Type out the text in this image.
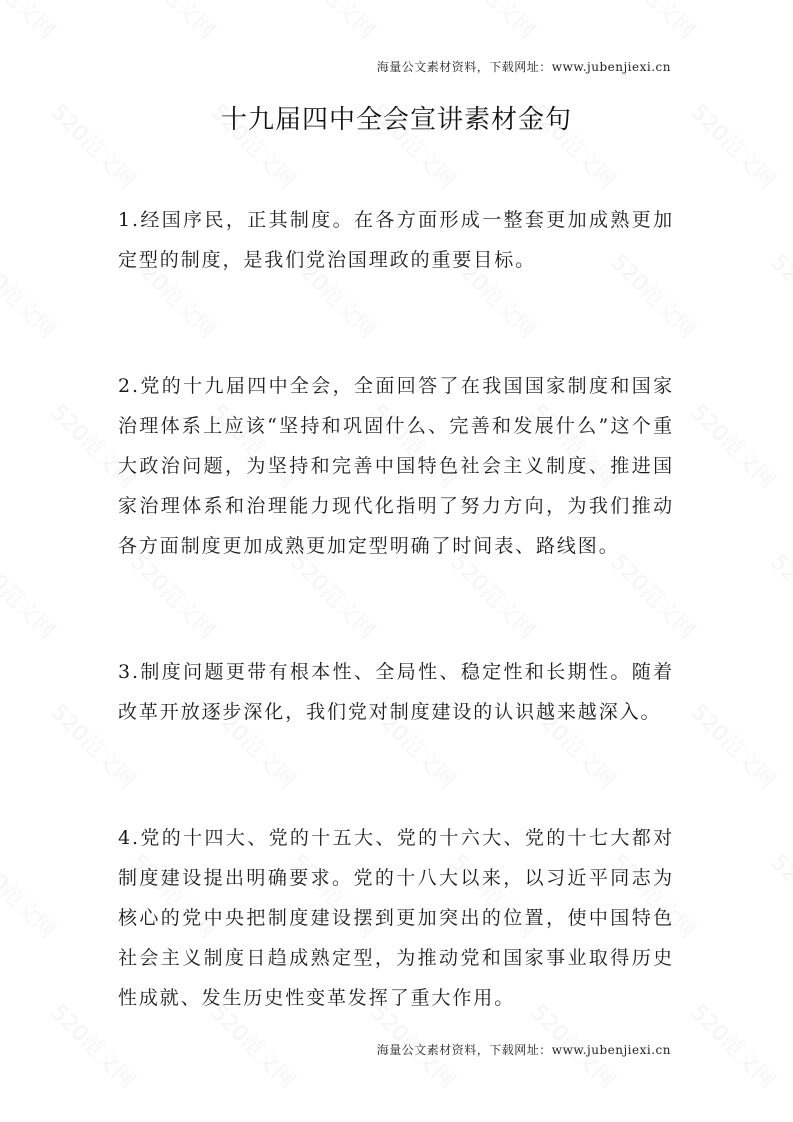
海量公文素材资料，下载网址：www.jubenjiexi.cn
十九届四中全会宣讲素材金句

1.经国序民，正其制度。在各方面形成一整套更加成熟更加定型的制度，是我们党治国理政的重要目标。

2.党的十九届四中全会，全面回答了在我国国家制度和国家治理体系上应该“坚持和巩固什么、完善和发展什么”这个重大政治问题，为坚持和完善中国特色社会主义制度、推进国家治理体系和治理能力现代化指明了努力方向，为我们推动各方面制度更加成熟更加定型明确了时间表、路线图。

3.制度问题更带有根本性、全局性、稳定性和长期性。随着改革开放逐步深化，我们党对制度建设的认识越来越深入。

4.党的十四大、党的十五大、党的十六大、党的十七大都对制度建设提出明确要求。党的十八大以来，以习近平同志为核心的党中央把制度建设摆到更加突出的位置，使中国特色社会主义制度日趋成熟定型，为推动党和国家事业取得历史性成就、发生历史性变革发挥了重大作用。

海量公文素材资料，下载网址：www.jubenjiexi.cn
